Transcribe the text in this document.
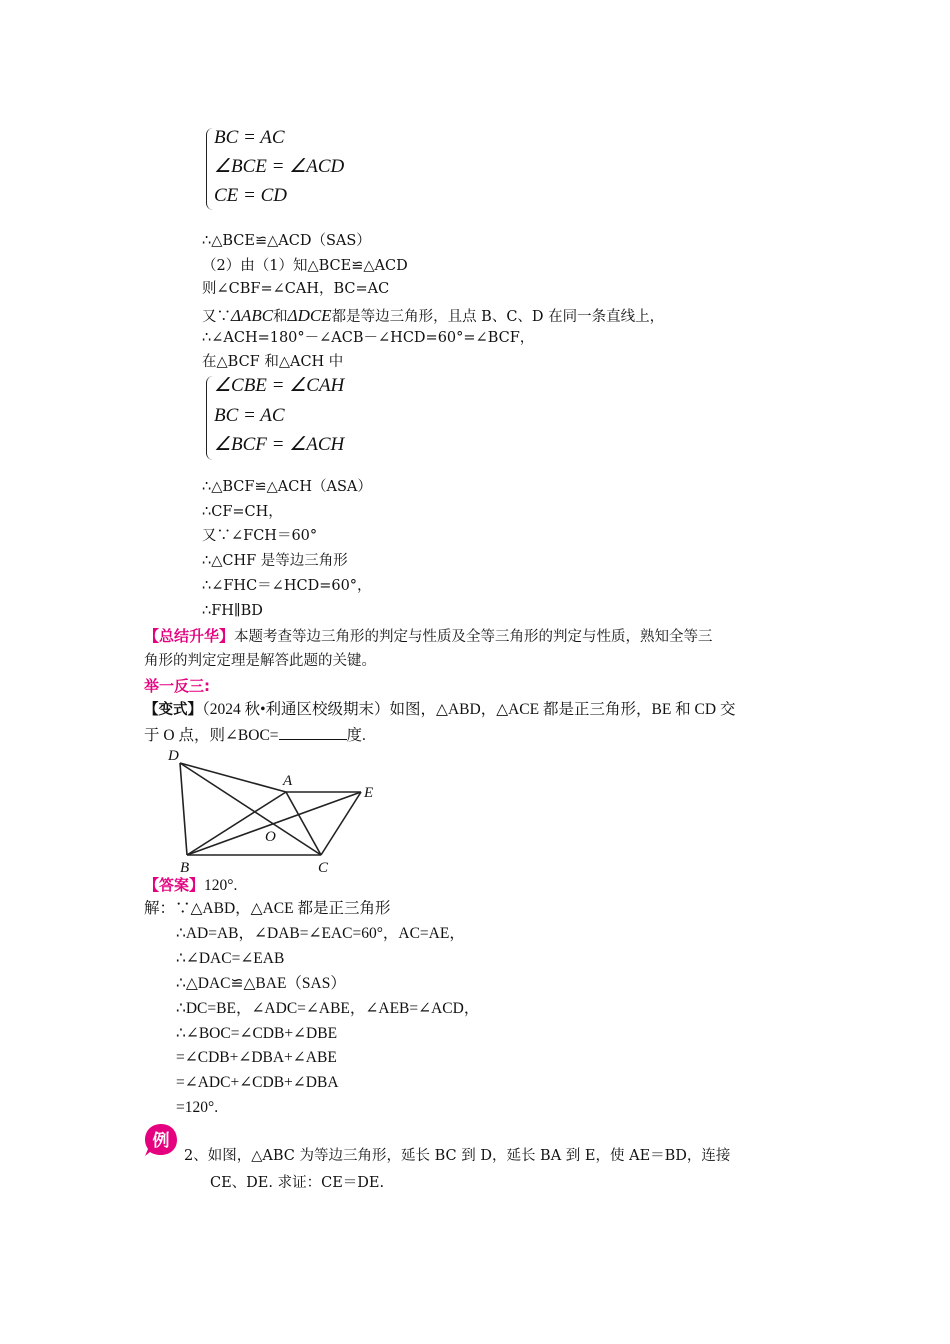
BC = AC
∠BCE = ∠ACD
CE = CD
∴△BCE≌△ACD（SAS）
（2）由（1）知△BCE≌△ACD
则∠CBF=∠CAH，BC=AC
又∵ΔABC和ΔDCE都是等边三角形，且点 B、C、D 在同一条直线上，
∴∠ACH=180°－∠ACB－∠HCD=60°=∠BCF，
在△BCF 和△ACH 中
∠CBE = ∠CAH
BC = AC
∠BCF = ∠ACH
∴△BCF≌△ACH（ASA）
∴CF=CH，
又∵∠FCH＝60°
∴△CHF 是等边三角形
∴∠FHC＝∠HCD=60°，
∴FH∥BD
【总结升华】本题考查等边三角形的判定与性质及全等三角形的判定与性质，熟知全等三
角形的判定定理是解答此题的关键。
举一反三:
【变式】（2024 秋•利通区校级期末）如图，△ABD，△ACE 都是正三角形，BE 和 CD 交
于 O 点，则∠BOC=	度.
D
A
E
O
B	C
【答案】120°.
解：∵△ABD，△ACE 都是正三角形
∴AD=AB，∠DAB=∠EAC=60°，AC=AE，
∴∠DAC=∠EAB
∴△DAC≌△BAE（SAS）
∴DC=BE，∠ADC=∠ABE，∠AEB=∠ACD，
∴∠BOC=∠CDB+∠DBE
=∠CDB+∠DBA+∠ABE
=∠ADC+∠CDB+∠DBA
=120°.
例
2、如图，△ABC 为等边三角形，延长 BC 到 D，延长 BA 到 E，使 AE＝BD，连接
CE、DE. 求证：CE＝DE.
